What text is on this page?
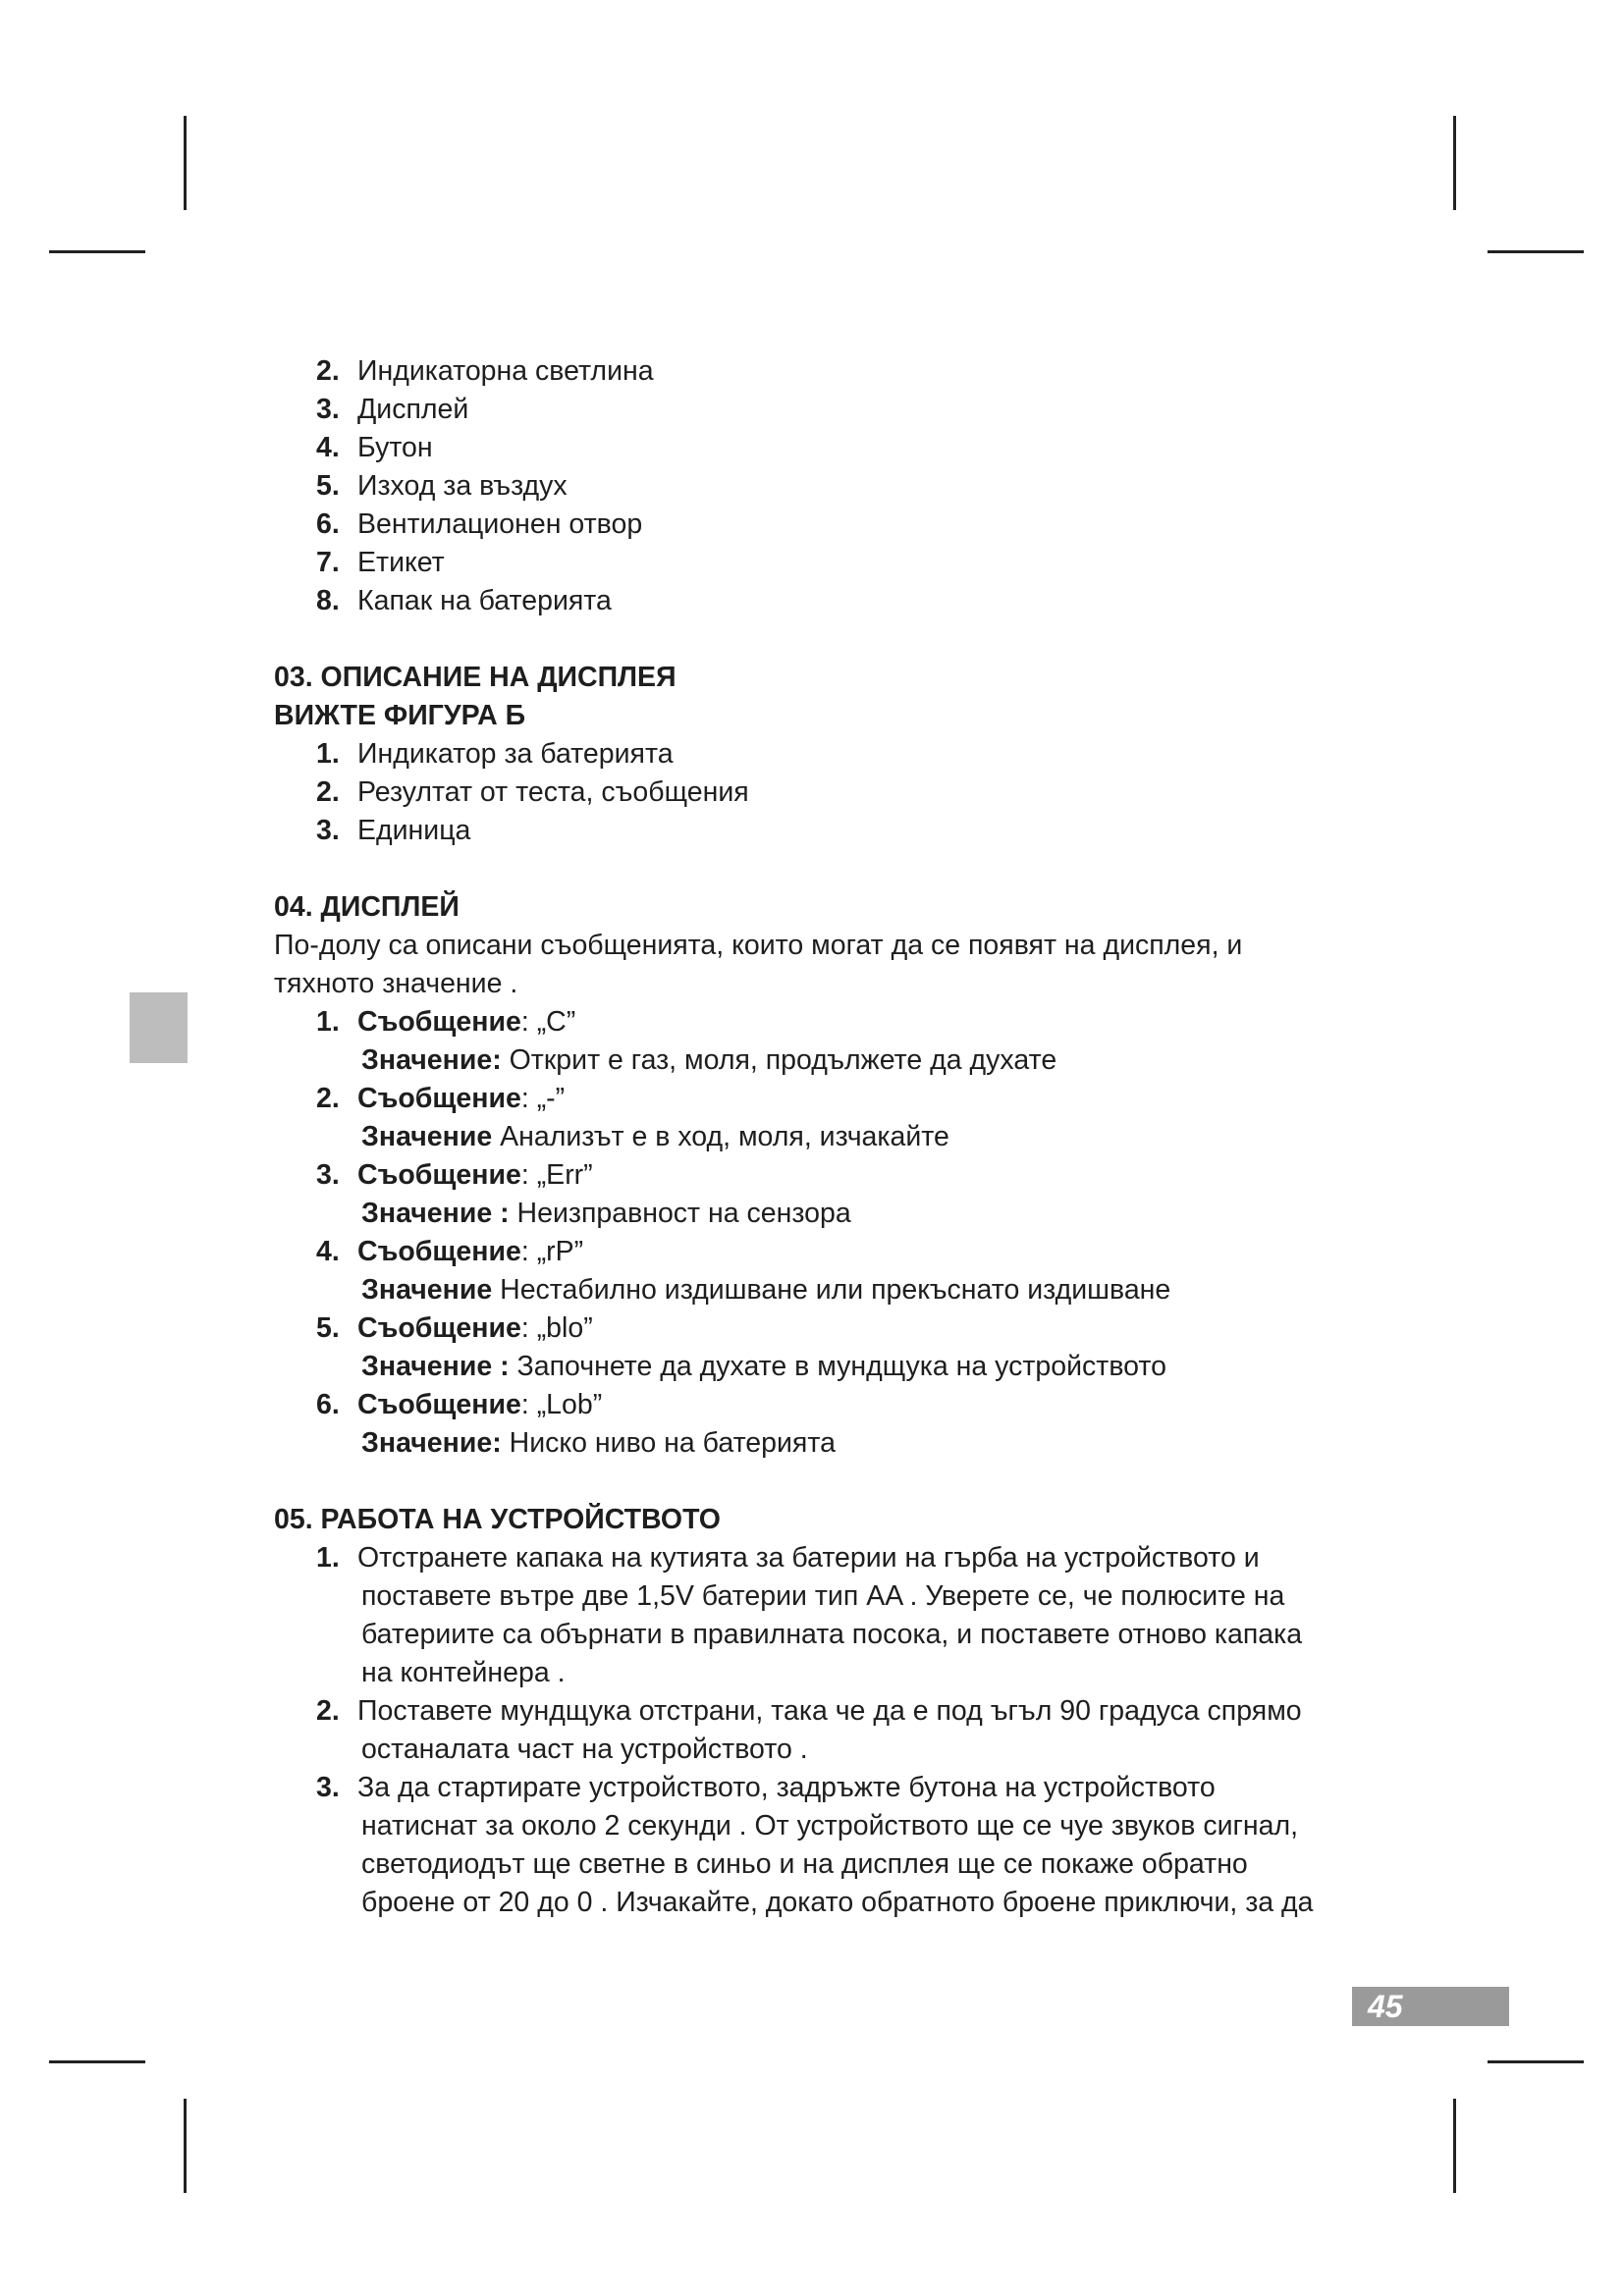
2. Индикаторна светлина
3. Дисплей
4. Бутон
5. Изход за въздух
6. Вентилационен отвор
7. Етикет
8. Капак на батерията
03. ОПИСАНИЕ НА ДИСПЛЕЯ
ВИЖТЕ ФИГУРА Б
1. Индикатор за батерията
2. Резултат от теста, съобщения
3. Единица
04. ДИСПЛЕЙ
По-долу са описани съобщенията, които могат да се появят на дисплея, и
тяхното значение .
1. Съобщение: „C”
Значение: Открит е газ, моля, продължете да духате
2. Съобщение: „-”
Значение Анализът е в ход, моля, изчакайте
3. Съобщение: „Err”
Значение : Неизправност на сензора
4. Съобщение: „rP”
Значение Нестабилно издишване или прекъснато издишване
5. Съобщение: „blo”
Значение : Започнете да духате в мундщука на устройството
6. Съобщение: „Lob”
Значение: Ниско ниво на батерията
05. РАБОТА НА УСТРОЙСТВОТО
1. Отстранете капака на кутията за батерии на гърба на устройството и
поставете вътре две 1,5V батерии тип AA . Уверете се, че полюсите на
батериите са обърнати в правилната посока, и поставете отново капака
на контейнера .
2. Поставете мундщука отстрани, така че да е под ъгъл 90 градуса спрямо
останалата част на устройството .
3. За да стартирате устройството, задръжте бутона на устройството
натиснат за около 2 секунди . От устройството ще се чуе звуков сигнал,
светодиодът ще светне в синьо и на дисплея ще се покаже обратно
броене от 20 до 0 . Изчакайте, докато обратното броене приключи, за да
45
